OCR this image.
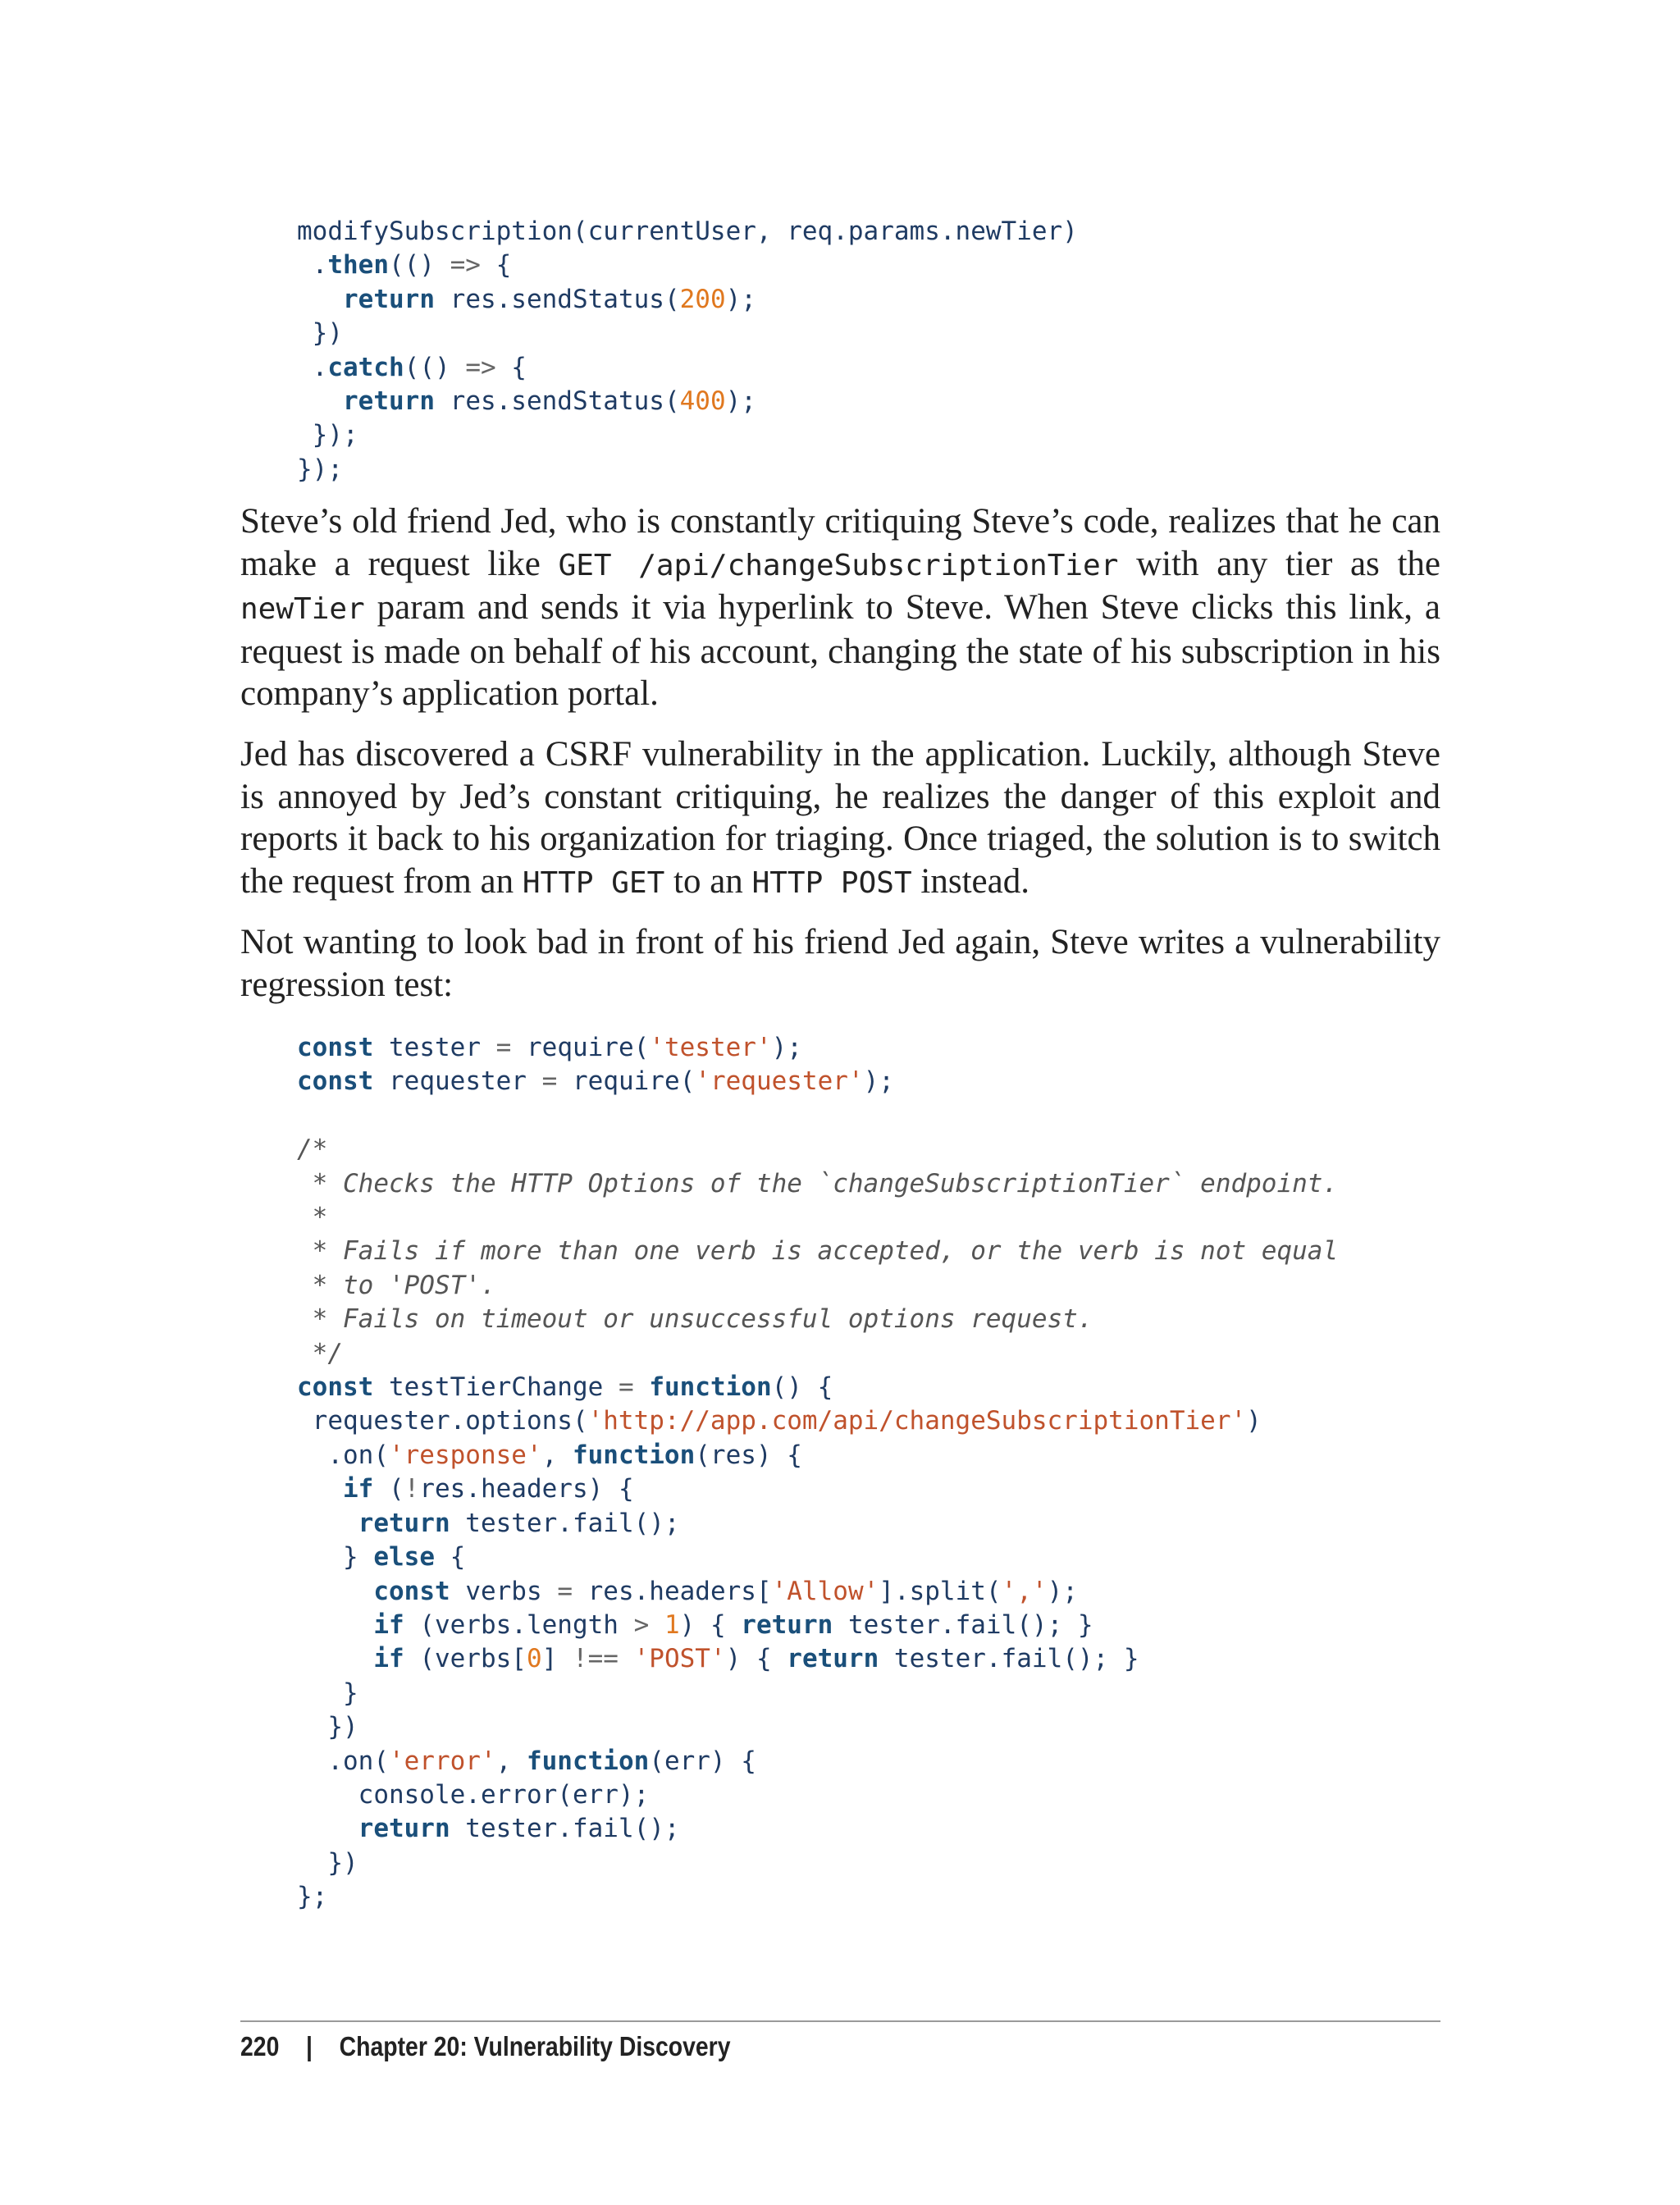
modifySubscription(currentUser, req.params.newTier)
.then(() => {
return res.sendStatus(200);
})
.catch(() => {
return res.sendStatus(400);
});
});

Steve’s old friend Jed, who is constantly critiquing Steve’s code, realizes that he can make a request like GET /api/changeSubscriptionTier with any tier as the newTier param and sends it via hyperlink to Steve. When Steve clicks this link, a request is made on behalf of his account, changing the state of his subscription in his company’s application portal.

Jed has discovered a CSRF vulnerability in the application. Luckily, although Steve is annoyed by Jed’s constant critiquing, he realizes the danger of this exploit and reports it back to his organization for triaging. Once triaged, the solution is to switch the request from an HTTP GET to an HTTP POST instead.

Not wanting to look bad in front of his friend Jed again, Steve writes a vulnerability regression test:

const tester = require('tester');
const requester = require('requester');

/*
* Checks the HTTP Options of the `changeSubscriptionTier` endpoint.
*
* Fails if more than one verb is accepted, or the verb is not equal
* to 'POST'.
* Fails on timeout or unsuccessful options request.
*/
const testTierChange = function() {
requester.options('http://app.com/api/changeSubscriptionTier')
.on('response', function(res) {
if (!res.headers) {
return tester.fail();
} else {
const verbs = res.headers['Allow'].split(',');
if (verbs.length > 1) { return tester.fail(); }
if (verbs[0] !== 'POST') { return tester.fail(); }
}
})
.on('error', function(err) {
console.error(err);
return tester.fail();
})
};
220 | Chapter 20: Vulnerability Discovery
